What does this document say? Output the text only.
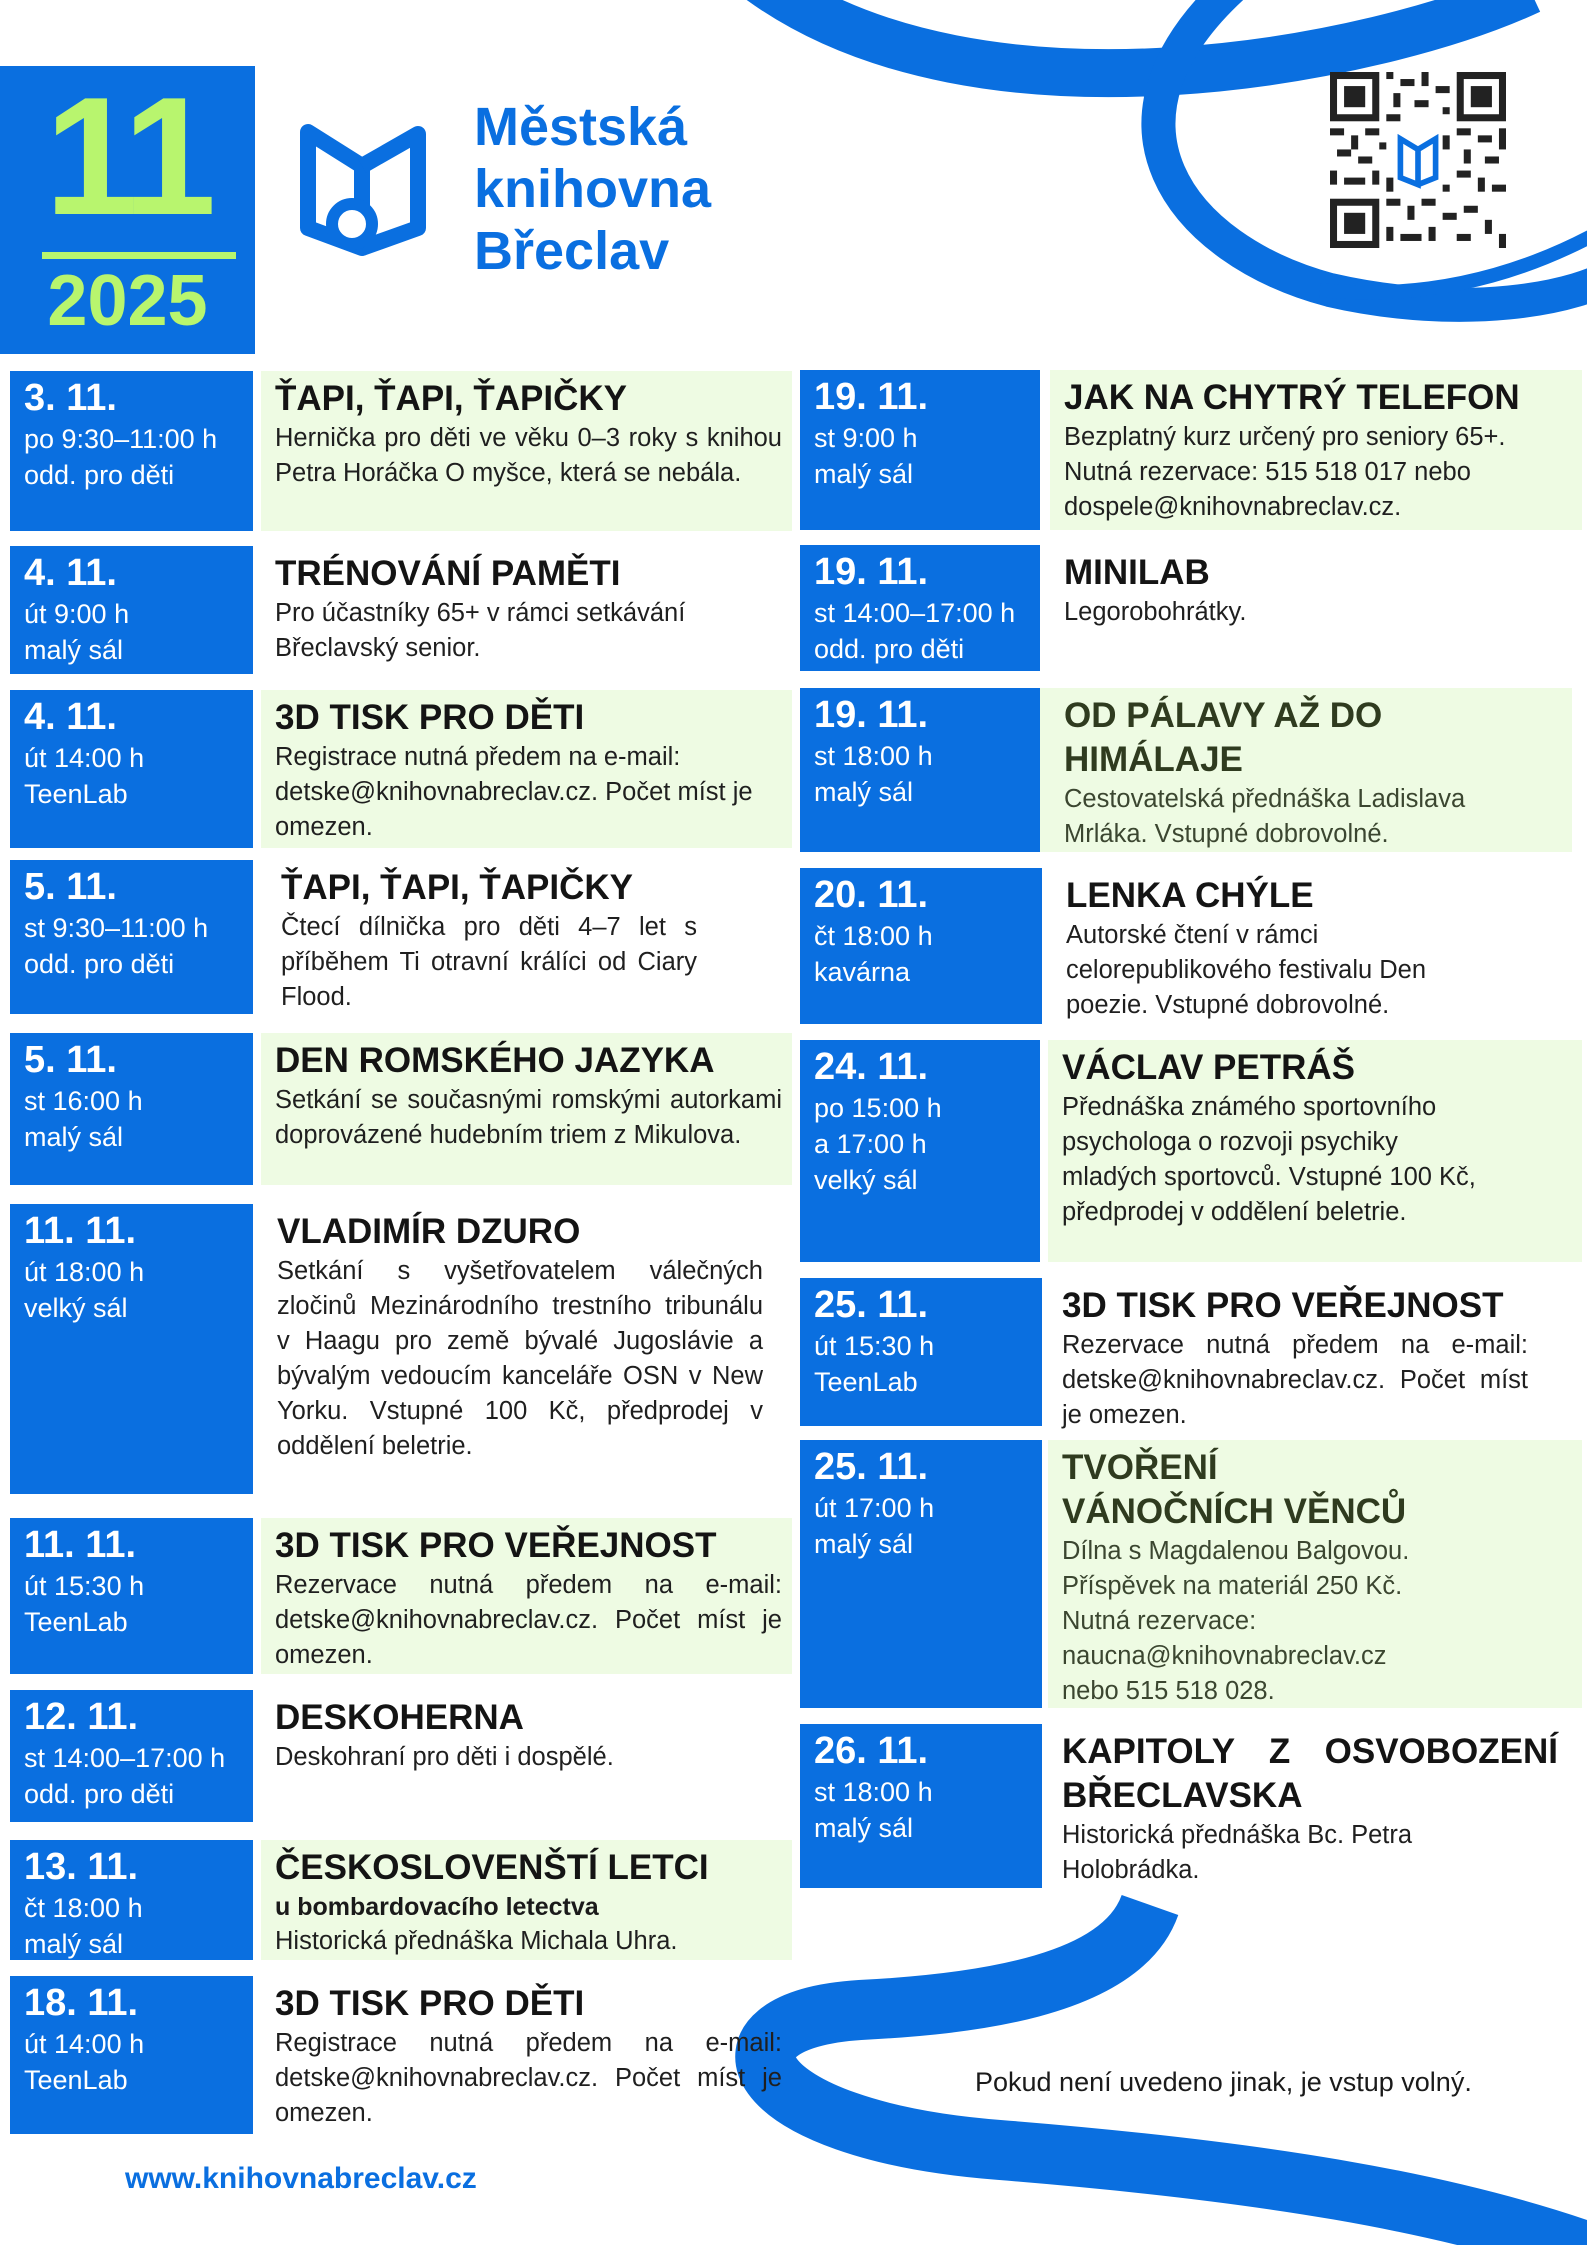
11
2025
Městská
knihovna
Břeclav
3. 11.
po 9:30–11:00 h
odd. pro děti
ŤAPI, ŤAPI, ŤAPIČKY
Hernička pro děti ve věku 0–3 roky s knihou Petra Horáčka O myšce, která se nebála.
4. 11.
út 9:00 h
malý sál
TRÉNOVÁNÍ PAMĚTI
Pro účastníky 65+ v rámci setkávání Břeclavský senior.
4. 11.
út 14:00 h
TeenLab
3D TISK PRO DĚTI
Registrace nutná předem na e-mail: detske@knihovnabreclav.cz. Počet míst je omezen.
5. 11.
st 9:30–11:00 h
odd. pro děti
ŤAPI, ŤAPI, ŤAPIČKY
Čtecí dílnička pro děti 4–7 let s příběhem Ti otravní králíci od Ciary Flood.
5. 11.
st 16:00 h
malý sál
DEN ROMSKÉHO JAZYKA
Setkání se současnými romskými autorkami doprovázené hudebním triem z Mikulova.
11. 11.
út 18:00 h
velký sál
VLADIMÍR DZURO
Setkání s vyšetřovatelem válečných zločinů Mezinárodního trestního tribunálu v Haagu pro země bývalé Jugoslávie a bývalým vedoucím kanceláře OSN v New Yorku. Vstupné 100 Kč, předprodej v oddělení beletrie.
11. 11.
út 15:30 h
TeenLab
3D TISK PRO VEŘEJNOST
Rezervace nutná předem na e-mail: detske@knihovnabreclav.cz. Počet míst je omezen.
12. 11.
st 14:00–17:00 h
odd. pro děti
DESKOHERNA
Deskohraní pro děti i dospělé.
13. 11.
čt 18:00 h
malý sál
ČESKOSLOVENŠTÍ LETCI
u bombardovacího letectva
Historická přednáška Michala Uhra.
18. 11.
út 14:00 h
TeenLab
3D TISK PRO DĚTI
Registrace nutná předem na e-mail: detske@knihovnabreclav.cz. Počet míst je omezen.
19. 11.
st 9:00 h
malý sál
JAK NA CHYTRÝ TELEFON
Bezplatný kurz určený pro seniory 65+. Nutná rezervace: 515 518 017 nebo dospele@knihovnabreclav.cz.
19. 11.
st 14:00–17:00 h
odd. pro děti
MINILAB
Legorobohrátky.
19. 11.
st 18:00 h
malý sál
OD PÁLAVY AŽ DO HIMÁLAJE
Cestovatelská přednáška Ladislava Mrláka. Vstupné dobrovolné.
20. 11.
čt 18:00 h
kavárna
LENKA CHÝLE
Autorské čtení v rámci celorepublikového festivalu Den poezie. Vstupné dobrovolné.
24. 11.
po 15:00 h
a 17:00 h
velký sál
VÁCLAV PETRÁŠ
Přednáška známého sportovního psychologa o rozvoji psychiky mladých sportovců. Vstupné 100 Kč, předprodej v oddělení beletrie.
25. 11.
út 15:30 h
TeenLab
3D TISK PRO VEŘEJNOST
Rezervace nutná předem na e-mail: detske@knihovnabreclav.cz. Počet míst je omezen.
25. 11.
út 17:00 h
malý sál
TVOŘENÍ VÁNOČNÍCH VĚNCŮ
Dílna s Magdalenou Balgovou. Příspěvek na materiál 250 Kč. Nutná rezervace: naucna@knihovnabreclav.cz nebo 515 518 028.
26. 11.
st 18:00 h
malý sál
KAPITOLY Z OSVOBOZENÍ BŘECLAVSKA
Historická přednáška Bc. Petra Holobrádka.
Pokud není uvedeno jinak, je vstup volný.
www.knihovnabreclav.cz
